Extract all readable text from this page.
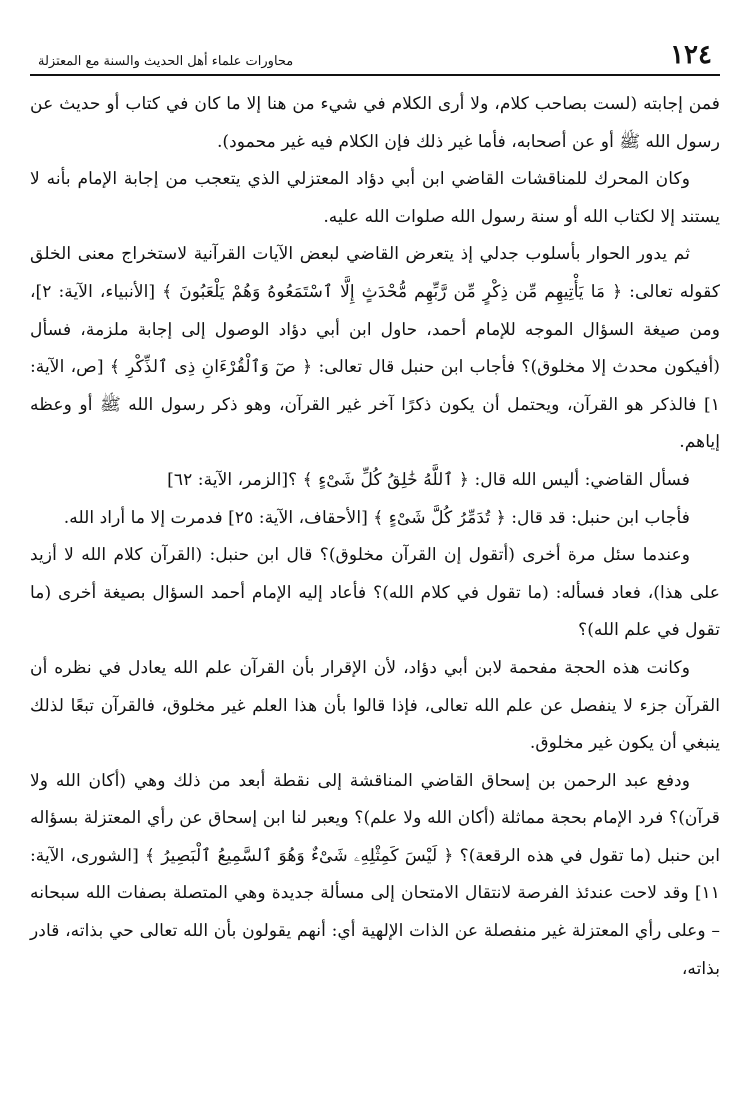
١٢٤
محاورات علماء أهل الحديث والسنة مع المعتزلة

فمن إجابته (لست بصاحب كلام، ولا أرى الكلام في شيء من هنا إلا ما كان في كتاب أو حديث عن رسول الله ﷺ أو عن أصحابه، فأما غير ذلك فإن الكلام فيه غير محمود).

وكان المحرك للمناقشات القاضي ابن أبي دؤاد المعتزلي الذي يتعجب من إجابة الإمام بأنه لا يستند إلا لكتاب الله أو سنة رسول الله صلوات الله عليه.

ثم يدور الحوار بأسلوب جدلي إذ يتعرض القاضي لبعض الآيات القرآنية لاستخراج معنى الخلق كقوله تعالى: ﴿ مَا يَأْتِيهِم مِّن ذِكْرٍ مِّن رَّبِّهِم مُّحْدَثٍ إِلَّا ٱسْتَمَعُوهُ وَهُمْ يَلْعَبُونَ ﴾ [الأنبياء، الآية: ٢]، ومن صيغة السؤال الموجه للإمام أحمد، حاول ابن أبي دؤاد الوصول إلى إجابة ملزمة، فسأل (أفيكون محدث إلا مخلوق)؟ فأجاب ابن حنبل قال تعالى: ﴿ صٓ وَٱلْقُرْءَانِ ذِى ٱلذِّكْرِ ﴾ [ص، الآية: ١] فالذكر هو القرآن، ويحتمل أن يكون ذكرًا آخر غير القرآن، وهو ذكر رسول الله ﷺ أو وعظه إياهم.

فسأل القاضي: أليس الله قال: ﴿ ٱللَّهُ خَٰلِقُ كُلِّ شَىْءٍ ﴾ ؟[الزمر، الآية: ٦٢]

فأجاب ابن حنبل: قد قال: ﴿ تُدَمِّرُ كُلَّ شَىْءٍ ﴾ [الأحقاف، الآية: ٢٥] فدمرت إلا ما أراد الله.

وعندما سئل مرة أخرى (أتقول إن القرآن مخلوق)؟ قال ابن حنبل: (القرآن كلام الله لا أزيد على هذا)، فعاد فسأله: (ما تقول في كلام الله)؟ فأعاد إليه الإمام أحمد السؤال بصيغة أخرى (ما تقول في علم الله)؟

وكانت هذه الحجة مفحمة لابن أبي دؤاد، لأن الإقرار بأن القرآن علم الله يعادل في نظره أن القرآن جزء لا ينفصل عن علم الله تعالى، فإذا قالوا بأن هذا العلم غير مخلوق، فالقرآن تبعًا لذلك ينبغي أن يكون غير مخلوق.

ودفع عبد الرحمن بن إسحاق القاضي المناقشة إلى نقطة أبعد من ذلك وهي (أكان الله ولا قرآن)؟ فرد الإمام بحجة مماثلة (أكان الله ولا علم)؟ ويعبر لنا ابن إسحاق عن رأي المعتزلة بسؤاله ابن حنبل (ما تقول في هذه الرقعة)؟ ﴿ لَيْسَ كَمِثْلِهِۦ شَىْءٌ وَهُوَ ٱلسَّمِيعُ ٱلْبَصِيرُ ﴾ [الشورى، الآية: ١١] وقد لاحت عندئذ الفرصة لانتقال الامتحان إلى مسألة جديدة وهي المتصلة بصفات الله سبحانه – وعلى رأي المعتزلة غير منفصلة عن الذات الإلهية أي: أنهم يقولون بأن الله تعالى حي بذاته، قادر بذاته،
